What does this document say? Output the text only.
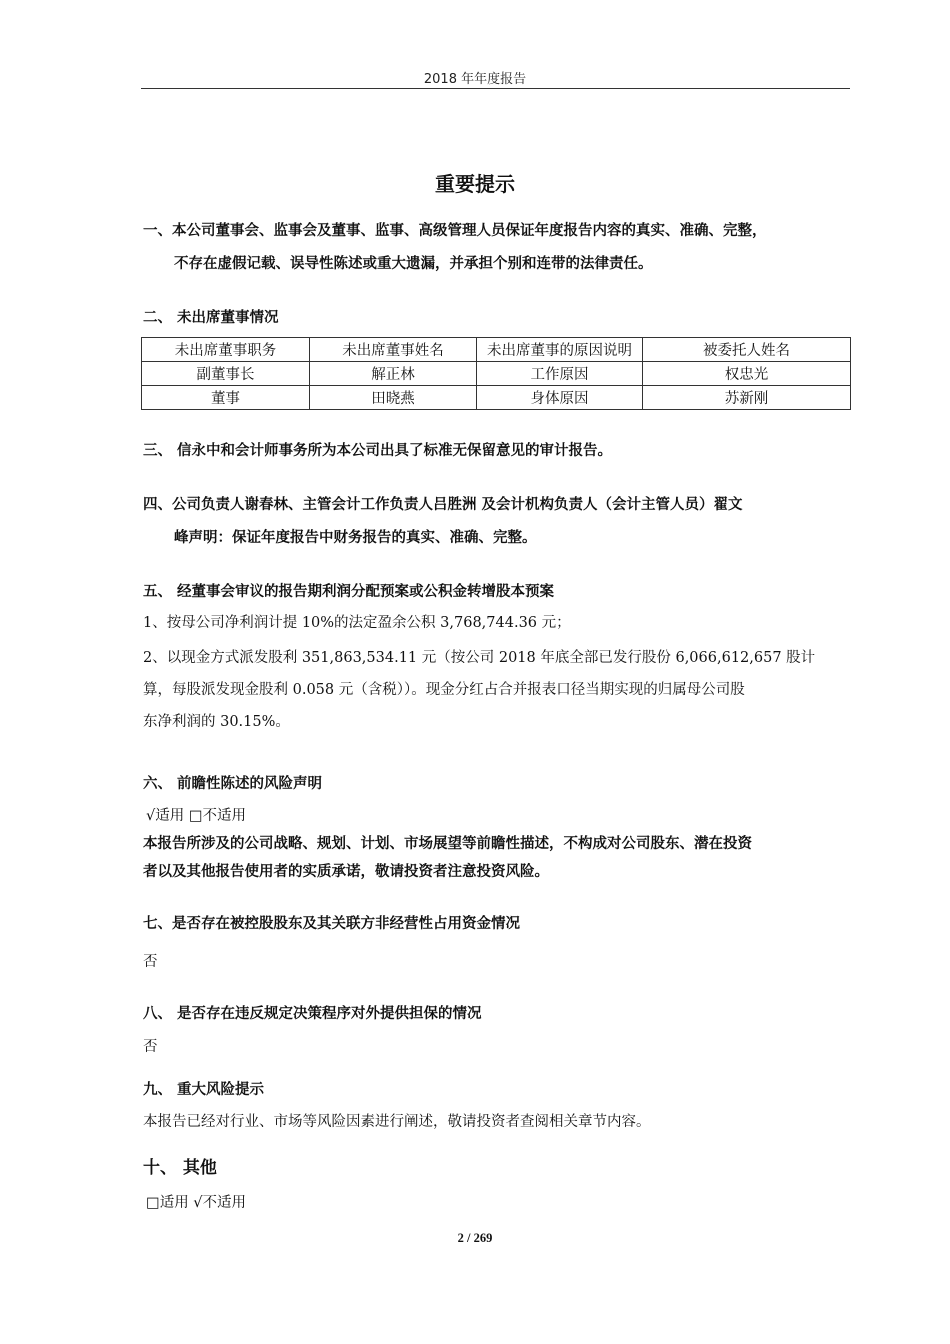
2018 年年度报告
重要提示
一、本公司董事会、监事会及董事、监事、高级管理人员保证年度报告内容的真实、准确、完整，
不存在虚假记载、误导性陈述或重大遗漏，并承担个别和连带的法律责任。
二、 未出席董事情况
未出席董事职务	未出席董事姓名	未出席董事的原因说明	被委托人姓名
副董事长	解正林	工作原因	权忠光
董事	田晓燕	身体原因	苏新刚
三、 信永中和会计师事务所为本公司出具了标准无保留意见的审计报告。
四、公司负责人谢春林、主管会计工作负责人吕胜洲 及会计机构负责人（会计主管人员）翟文
峰声明：保证年度报告中财务报告的真实、准确、完整。
五、 经董事会审议的报告期利润分配预案或公积金转增股本预案
1、按母公司净利润计提 10%的法定盈余公积 3,768,744.36 元；
2、以现金方式派发股利 351,863,534.11 元（按公司 2018 年底全部已发行股份 6,066,612,657 股计
算，每股派发现金股利 0.058 元（含税））。现金分红占合并报表口径当期实现的归属母公司股
东净利润的 30.15%。
六、 前瞻性陈述的风险声明
√适用 □不适用
本报告所涉及的公司战略、规划、计划、市场展望等前瞻性描述，不构成对公司股东、潜在投资
者以及其他报告使用者的实质承诺，敬请投资者注意投资风险。
七、是否存在被控股股东及其关联方非经营性占用资金情况
否
八、 是否存在违反规定决策程序对外提供担保的情况
否
九、 重大风险提示
本报告已经对行业、市场等风险因素进行阐述，敬请投资者查阅相关章节内容。
十、 其他
□适用 √不适用
2 / 269
